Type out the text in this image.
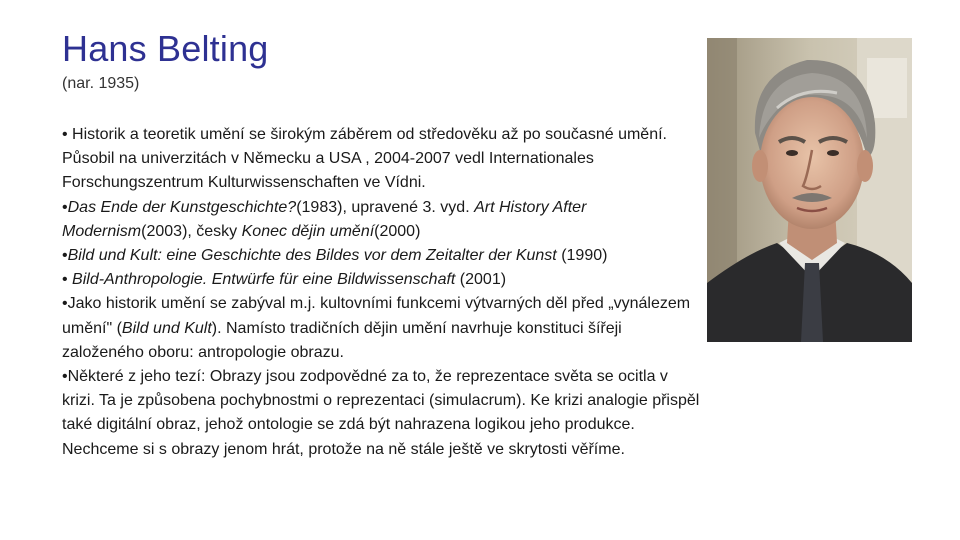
Hans Belting
(nar. 1935)

• Historik a teoretik umění se širokým záběrem od středověku až po současné umění. Působil na univerzitách v Německu a USA , 2004-2007 vedl Internationales Forschungszentrum Kulturwissenschaften ve Vídni.

•Das Ende der Kunstgeschichte?(1983), upravené 3. vyd. Art History After Modernism(2003), česky Konec dějin umění(2000)

•Bild und Kult: eine Geschichte des Bildes vor dem Zeitalter der Kunst (1990)

• Bild-Anthropologie. Entwürfe für eine Bildwissenschaft (2001)

•Jako historik umění se zabýval m.j. kultovními funkcemi výtvarných děl před „vynálezem umění" (Bild und Kult). Namísto tradičních dějin umění navrhuje konstituci šířeji založeného oboru: antropologie obrazu.

•Některé z jeho tezí: Obrazy jsou zodpovědné za to, že reprezentace světa se ocitla v krizi. Ta je způsobena pochybnostmi o reprezentaci (simulacrum). Ke krizi analogie přispěl také digitální obraz, jehož ontologie se zdá být nahrazena logikou jeho produkce. Nechceme si s obrazy jenom hrát, protože na ně stále ještě ve skrytosti věříme.
